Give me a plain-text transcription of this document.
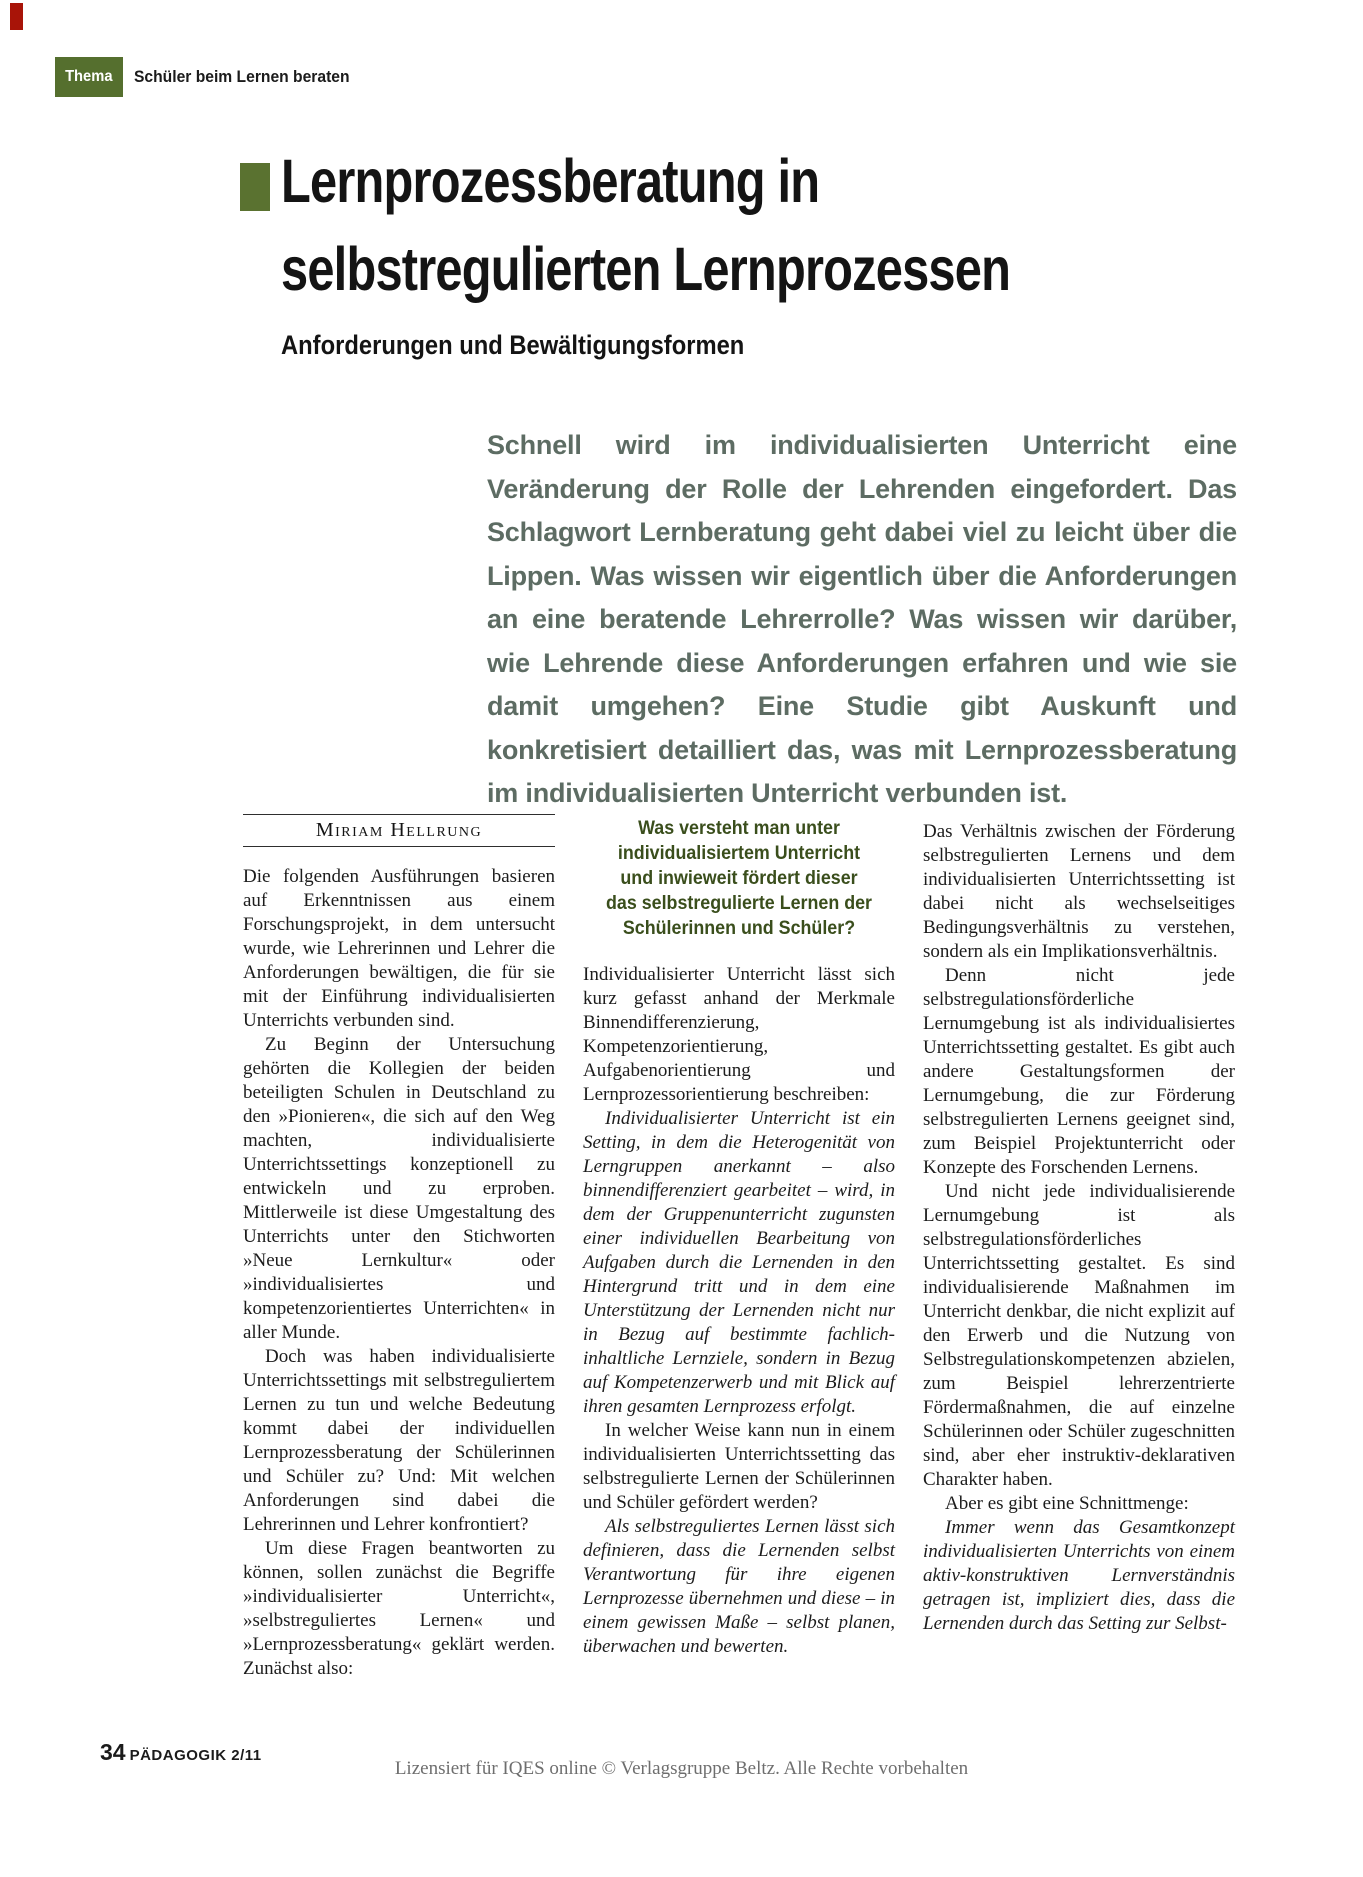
Thema Schüler beim Lernen beraten
Lernprozessberatung in
selbstregulierten Lernprozessen
Anforderungen und Bewältigungsformen
Schnell wird im individualisierten Unterricht eine Veränderung der Rolle der Lehrenden eingefordert. Das Schlagwort Lernberatung geht dabei viel zu leicht über die Lippen. Was wissen wir eigentlich über die Anforderungen an eine beratende Lehrerrolle? Was wissen wir darüber, wie Lehrende diese Anforderungen erfahren und wie sie damit umgehen? Eine Studie gibt Auskunft und konkretisiert detailliert das, was mit Lernprozessberatung im individualisierten Unterricht verbunden ist.
Miriam Hellrung

Die folgenden Ausführungen basieren auf Erkenntnissen aus einem Forschungsprojekt, in dem untersucht wurde, wie Lehrerinnen und Lehrer die Anforderungen bewältigen, die für sie mit der Einführung individualisierten Unterrichts verbunden sind.

Zu Beginn der Untersuchung gehörten die Kollegien der beiden beteiligten Schulen in Deutschland zu den »Pionieren«, die sich auf den Weg machten, individualisierte Unterrichtssettings konzeptionell zu entwickeln und zu erproben. Mittlerweile ist diese Umgestaltung des Unterrichts unter den Stichworten »Neue Lernkultur« oder »individualisiertes und kompetenzorientiertes Unterrichten« in aller Munde.

Doch was haben individualisierte Unterrichtssettings mit selbstreguliertem Lernen zu tun und welche Bedeutung kommt dabei der individuellen Lernprozessberatung der Schülerinnen und Schüler zu? Und: Mit welchen Anforderungen sind dabei die Lehrerinnen und Lehrer konfrontiert?

Um diese Fragen beantworten zu können, sollen zunächst die Begriffe »individualisierter Unterricht«, »selbstreguliertes Lernen« und »Lernprozessberatung« geklärt werden. Zunächst also:

Was versteht man unter
individualisiertem Unterricht
und inwieweit fördert dieser
das selbstregulierte Lernen der
Schülerinnen und Schüler?

Individualisierter Unterricht lässt sich kurz gefasst anhand der Merkmale Binnendifferenzierung, Kompetenzorientierung, Aufgabenorientierung und Lernprozessorientierung beschreiben:

Individualisierter Unterricht ist ein Setting, in dem die Heterogenität von Lerngruppen anerkannt – also binnendifferenziert gearbeitet – wird, in dem der Gruppenunterricht zugunsten einer individuellen Bearbeitung von Aufgaben durch die Lernenden in den Hintergrund tritt und in dem eine Unterstützung der Lernenden nicht nur in Bezug auf bestimmte fachlich-inhaltliche Lernziele, sondern in Bezug auf Kompetenzerwerb und mit Blick auf ihren gesamten Lernprozess erfolgt.

In welcher Weise kann nun in einem individualisierten Unterrichtssetting das selbstregulierte Lernen der Schülerinnen und Schüler gefördert werden?

Als selbstreguliertes Lernen lässt sich definieren, dass die Lernenden selbst Verantwortung für ihre eigenen Lernprozesse übernehmen und diese – in einem gewissen Maße – selbst planen, überwachen und bewerten.

Das Verhältnis zwischen der Förderung selbstregulierten Lernens und dem individualisierten Unterrichtssetting ist dabei nicht als wechselseitiges Bedingungsverhältnis zu verstehen, sondern als ein Implikationsverhältnis.

Denn nicht jede selbstregulationsförderliche Lernumgebung ist als individualisiertes Unterrichtssetting gestaltet. Es gibt auch andere Gestaltungsformen der Lernumgebung, die zur Förderung selbstregulierten Lernens geeignet sind, zum Beispiel Projektunterricht oder Konzepte des Forschenden Lernens.

Und nicht jede individualisierende Lernumgebung ist als selbstregulationsförderliches Unterrichtssetting gestaltet. Es sind individualisierende Maßnahmen im Unterricht denkbar, die nicht explizit auf den Erwerb und die Nutzung von Selbstregulationskompetenzen abzielen, zum Beispiel lehrerzentrierte Fördermaßnahmen, die auf einzelne Schülerinnen oder Schüler zugeschnitten sind, aber eher instruktiv-deklarativen Charakter haben.

Aber es gibt eine Schnittmenge:

Immer wenn das Gesamtkonzept individualisierten Unterrichts von einem aktiv-konstruktiven Lernverständnis getragen ist, impliziert dies, dass die Lernenden durch das Setting zur Selbst-

34 PÄDAGOGIK 2/11
Lizensiert für IQES online © Verlagsgruppe Beltz. Alle Rechte vorbehalten
